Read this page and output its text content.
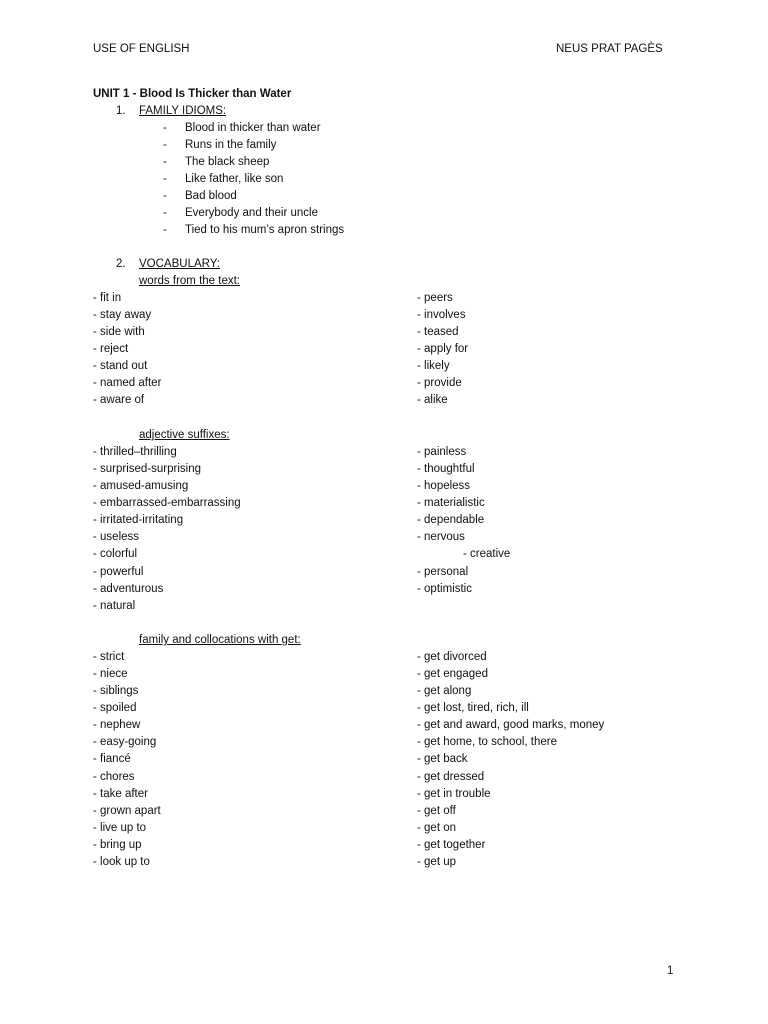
USE OF ENGLISH	NEUS PRAT PAGÈS
UNIT 1 - Blood Is Thicker than Water
1. FAMILY IDIOMS:
- Blood in thicker than water
- Runs in the family
- The black sheep
- Like father, like son
- Bad blood
- Everybody and their uncle
- Tied to his mum’s apron strings
2. VOCABULARY:
words from the text:
- fit in
- stay away
- side with
- reject
- stand out
- named after
- aware of
- peers
- involves
- teased
- apply for
- likely
- provide
- alike
adjective suffixes:
- thrilled–thrilling
- surprised-surprising
- amused-amusing
- embarrassed-embarrassing
- irritated-irritating
- useless
- colorful
- powerful
- adventurous
- natural
- painless
- thoughtful
- hopeless
- materialistic
- dependable
- nervous
- creative
- personal
- optimistic
family and collocations with get:
- strict
- niece
- siblings
- spoiled
- nephew
- easy-going
- fiancé
- chores
- take after
- grown apart
- live up to
- bring up
- look up to
- get divorced
- get engaged
- get along
- get lost, tired, rich, ill
- get and award, good marks, money
- get home, to school, there
- get back
- get dressed
- get in trouble
- get off
- get on
- get together
- get up
1
